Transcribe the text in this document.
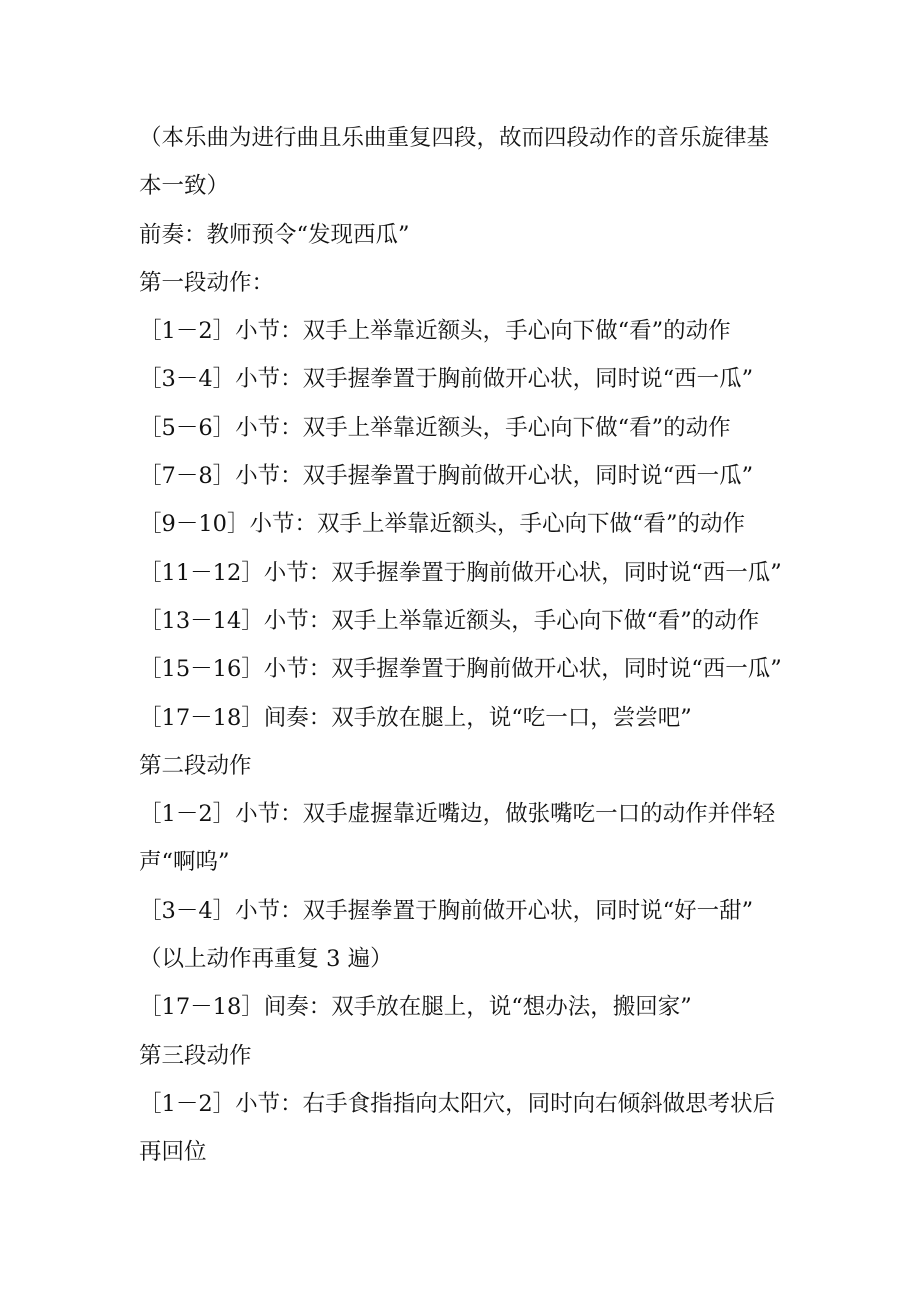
（本乐曲为进行曲且乐曲重复四段，故而四段动作的音乐旋律基
本一致）
前奏：教师预令“发现西瓜”
第一段动作：
［1－2］小节：双手上举靠近额头，手心向下做“看”的动作
［3－4］小节：双手握拳置于胸前做开心状，同时说“西一瓜”
［5－6］小节：双手上举靠近额头，手心向下做“看”的动作
［7－8］小节：双手握拳置于胸前做开心状，同时说“西一瓜”
［9－10］小节：双手上举靠近额头，手心向下做“看”的动作
［11－12］小节：双手握拳置于胸前做开心状，同时说“西一瓜”
［13－14］小节：双手上举靠近额头，手心向下做“看”的动作
［15－16］小节：双手握拳置于胸前做开心状，同时说“西一瓜”
［17－18］间奏：双手放在腿上，说“吃一口，尝尝吧”
第二段动作
［1－2］小节：双手虚握靠近嘴边，做张嘴吃一口的动作并伴轻
声“啊呜”
［3－4］小节：双手握拳置于胸前做开心状，同时说“好一甜”
（以上动作再重复 3 遍）
［17－18］间奏：双手放在腿上，说“想办法，搬回家”
第三段动作
［1－2］小节：右手食指指向太阳穴，同时向右倾斜做思考状后
再回位
